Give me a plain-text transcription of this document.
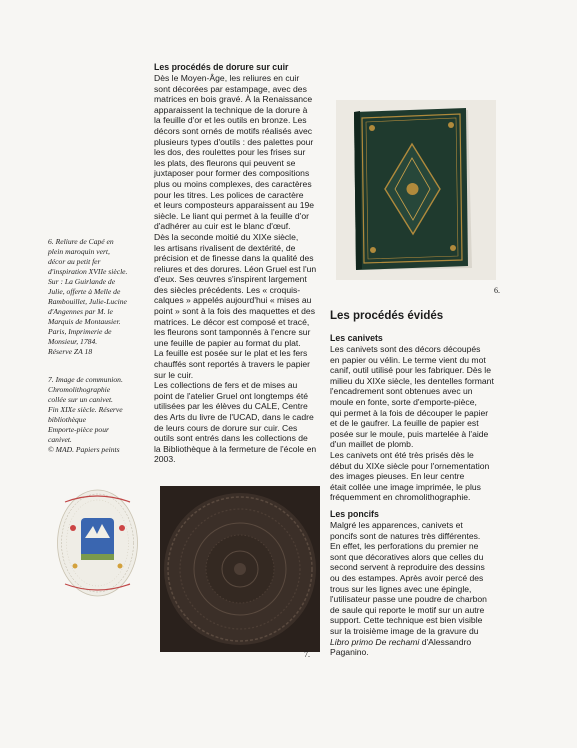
6. Reliure de Capé en
plein maroquin vert,
décor au petit fer
d'inspiration XVIIe siècle.
Sur : La Guirlande de
Julie, offerte à Melle de
Rambouillet, Julie-Lucine
d'Angennes par M. le
Marquis de Montausier.
Paris, Imprimerie de
Monsieur, 1784.
Réserve ZA 18

7. Image de communion.
Chromolithographie
collée sur un canivet.
Fin XIXe siècle. Réserve
bibliothèque
Emporte-pièce pour
canivet.
© MAD. Papiers peints

Les procédés de dorure sur cuir

Dès le Moyen-Âge, les reliures en cuir
sont décorées par estampage, avec des
matrices en bois gravé. À la Renaissance
apparaissent la technique de la dorure à
la feuille d'or et les outils en bronze. Les
décors sont ornés de motifs réalisés avec
plusieurs types d'outils : des palettes pour
les dos, des roulettes pour les frises sur
les plats, des fleurons qui peuvent se
juxtaposer pour former des compositions
plus ou moins complexes, des caractères
pour les titres. Les polices de caractère
et leurs composteurs apparaissent au 19e
siècle. Le liant qui permet à la feuille d'or
d'adhérer au cuir est le blanc d'œuf.
Dès la seconde moitié du XIXe siècle,
les artisans rivalisent de dextérité, de
précision et de finesse dans la qualité des
reliures et des dorures. Léon Gruel est l'un
d'eux. Ses œuvres s'inspirent largement
des siècles précédents. Les « croquis-
calques » appelés aujourd'hui « mises au
point » sont à la fois des maquettes et des
matrices. Le décor est composé et tracé,
les fleurons sont tamponnés à l'encre sur
une feuille de papier au format du plat.
La feuille est posée sur le plat et les fers
chauffés sont reportés à travers le papier
sur le cuir.
Les collections de fers et de mises au
point de l'atelier Gruel ont longtemps été
utilisées par les élèves du CALE, Centre
des Arts du livre de l'UCAD, dans le cadre
de leurs cours de dorure sur cuir. Ces
outils sont entrés dans les collections de
la Bibliothèque à la fermeture de l'école en
2003.

6.

Les procédés évidés

Les canivets

Les canivets sont des décors découpés
en papier ou vélin. Le terme vient du mot
canif, outil utilisé pour les fabriquer. Dès le
milieu du XIXe siècle, les dentelles formant
l'encadrement sont obtenues avec un
moule en fonte, sorte d'emporte-pièce,
qui permet à la fois de découper le papier
et de le gaufrer. La feuille de papier est
posée sur le moule, puis martelée à l'aide
d'un maillet de plomb.
Les canivets ont été très prisés dès le
début du XIXe siècle pour l'ornementation
des images pieuses. En leur centre
était collée une image imprimée, le plus
fréquemment en chromolithographie.

Les poncifs

Malgré les apparences, canivets et
poncifs sont de natures très différentes.
En effet, les perforations du premier ne
sont que décoratives alors que celles du
second servent à reproduire des dessins
ou des estampes. Après avoir percé des
trous sur les lignes avec une épingle,
l'utilisateur passe une poudre de charbon
de saule qui reporte le motif sur un autre
support. Cette technique est bien visible
sur la troisième image de la gravure du
Libro primo De rechami d'Alessandro
Paganino.

7.
